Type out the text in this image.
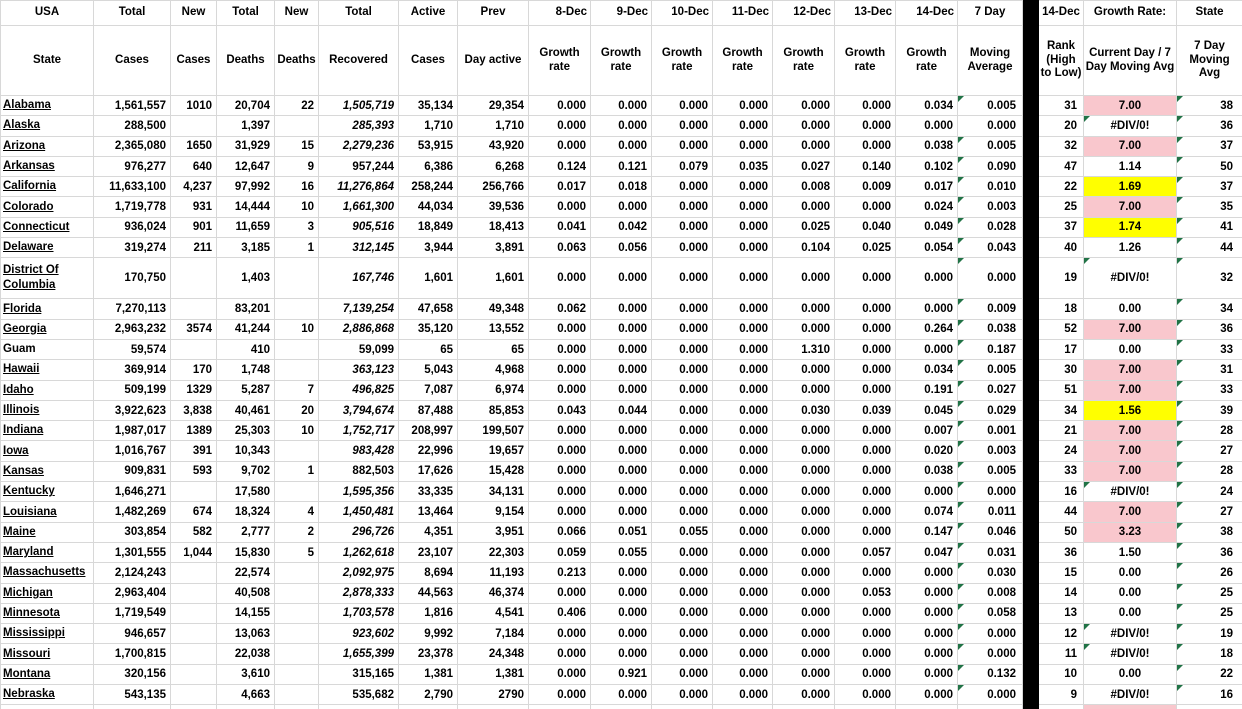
USA	Total	New	Total	New	Total	Active	Prev	8-Dec	9-Dec	10-Dec	11-Dec	12-Dec	13-Dec	14-Dec	7 Day		14-Dec	Growth Rate:	State
State	Cases	Cases	Deaths	Deaths	Recovered	Cases	Day active	Growth rate	Growth rate	Growth rate	Growth rate	Growth rate	Growth rate	Growth rate	Moving Average		Rank (High to Low)	Current Day / 7 Day Moving Avg	7 Day Moving Avg
Alabama	1,561,557	1010	20,704	22	1,505,719	35,134	29,354	0.000	0.000	0.000	0.000	0.000	0.000	0.034	0.005		31	7.00	38
Alaska	288,500		1,397		285,393	1,710	1,710	0.000	0.000	0.000	0.000	0.000	0.000	0.000	0.000		20	#DIV/0!	36
Arizona	2,365,080	1650	31,929	15	2,279,236	53,915	43,920	0.000	0.000	0.000	0.000	0.000	0.000	0.038	0.005		32	7.00	37
Arkansas	976,277	640	12,647	9	957,244	6,386	6,268	0.124	0.121	0.079	0.035	0.027	0.140	0.102	0.090		47	1.14	50
California	11,633,100	4,237	97,992	16	11,276,864	258,244	256,766	0.017	0.018	0.000	0.000	0.008	0.009	0.017	0.010		22	1.69	37
Colorado	1,719,778	931	14,444	10	1,661,300	44,034	39,536	0.000	0.000	0.000	0.000	0.000	0.000	0.024	0.003		25	7.00	35
Connecticut	936,024	901	11,659	3	905,516	18,849	18,413	0.041	0.042	0.000	0.000	0.025	0.040	0.049	0.028		37	1.74	41
Delaware	319,274	211	3,185	1	312,145	3,944	3,891	0.063	0.056	0.000	0.000	0.104	0.025	0.054	0.043		40	1.26	44
District Of Columbia	170,750		1,403		167,746	1,601	1,601	0.000	0.000	0.000	0.000	0.000	0.000	0.000	0.000		19	#DIV/0!	32
Florida	7,270,113		83,201		7,139,254	47,658	49,348	0.062	0.000	0.000	0.000	0.000	0.000	0.000	0.009		18	0.00	34
Georgia	2,963,232	3574	41,244	10	2,886,868	35,120	13,552	0.000	0.000	0.000	0.000	0.000	0.000	0.264	0.038		52	7.00	36
Guam	59,574		410		59,099	65	65	0.000	0.000	0.000	0.000	1.310	0.000	0.000	0.187		17	0.00	33
Hawaii	369,914	170	1,748		363,123	5,043	4,968	0.000	0.000	0.000	0.000	0.000	0.000	0.034	0.005		30	7.00	31
Idaho	509,199	1329	5,287	7	496,825	7,087	6,974	0.000	0.000	0.000	0.000	0.000	0.000	0.191	0.027		51	7.00	33
Illinois	3,922,623	3,838	40,461	20	3,794,674	87,488	85,853	0.043	0.044	0.000	0.000	0.030	0.039	0.045	0.029		34	1.56	39
Indiana	1,987,017	1389	25,303	10	1,752,717	208,997	199,507	0.000	0.000	0.000	0.000	0.000	0.000	0.007	0.001		21	7.00	28
Iowa	1,016,767	391	10,343		983,428	22,996	19,657	0.000	0.000	0.000	0.000	0.000	0.000	0.020	0.003		24	7.00	27
Kansas	909,831	593	9,702	1	882,503	17,626	15,428	0.000	0.000	0.000	0.000	0.000	0.000	0.038	0.005		33	7.00	28
Kentucky	1,646,271		17,580		1,595,356	33,335	34,131	0.000	0.000	0.000	0.000	0.000	0.000	0.000	0.000		16	#DIV/0!	24
Louisiana	1,482,269	674	18,324	4	1,450,481	13,464	9,154	0.000	0.000	0.000	0.000	0.000	0.000	0.074	0.011		44	7.00	27
Maine	303,854	582	2,777	2	296,726	4,351	3,951	0.066	0.051	0.055	0.000	0.000	0.000	0.147	0.046		50	3.23	38
Maryland	1,301,555	1,044	15,830	5	1,262,618	23,107	22,303	0.059	0.055	0.000	0.000	0.000	0.057	0.047	0.031		36	1.50	36
Massachusetts	2,124,243		22,574		2,092,975	8,694	11,193	0.213	0.000	0.000	0.000	0.000	0.000	0.000	0.030		15	0.00	26
Michigan	2,963,404		40,508		2,878,333	44,563	46,374	0.000	0.000	0.000	0.000	0.000	0.053	0.000	0.008		14	0.00	25
Minnesota	1,719,549		14,155		1,703,578	1,816	4,541	0.406	0.000	0.000	0.000	0.000	0.000	0.000	0.058		13	0.00	25
Mississippi	946,657		13,063		923,602	9,992	7,184	0.000	0.000	0.000	0.000	0.000	0.000	0.000	0.000		12	#DIV/0!	19
Missouri	1,700,815		22,038		1,655,399	23,378	24,348	0.000	0.000	0.000	0.000	0.000	0.000	0.000	0.000		11	#DIV/0!	18
Montana	320,156		3,610		315,165	1,381	1,381	0.000	0.921	0.000	0.000	0.000	0.000	0.000	0.132		10	0.00	22
Nebraska	543,135		4,663		535,682	2,790	2790	0.000	0.000	0.000	0.000	0.000	0.000	0.000	0.000		9	#DIV/0!	16
